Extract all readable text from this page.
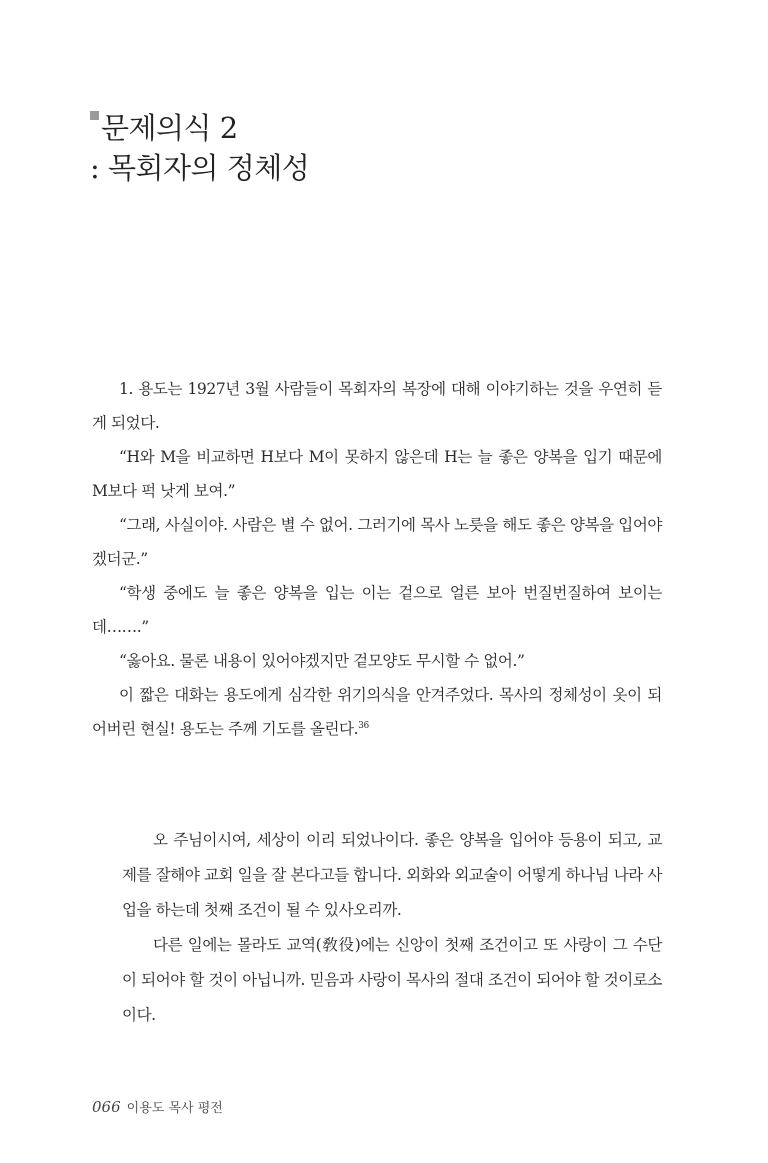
문제의식 2
: 목회자의 정체성

1. 용도는 1927년 3월 사람들이 목회자의 복장에 대해 이야기하는 것을 우연히 듣게 되었다.

“H와 M을 비교하면 H보다 M이 못하지 않은데 H는 늘 좋은 양복을 입기 때문에 M보다 퍽 낫게 보여.”

“그래, 사실이야. 사람은 별 수 없어. 그러기에 목사 노릇을 해도 좋은 양복을 입어야겠더군.”

“학생 중에도 늘 좋은 양복을 입는 이는 겉으로 얼른 보아 번질번질하여 보이는데…….”

“옳아요. 물론 내용이 있어야겠지만 겉모양도 무시할 수 없어.”

이 짧은 대화는 용도에게 심각한 위기의식을 안겨주었다. 목사의 정체성이 옷이 되어버린 현실! 용도는 주께 기도를 올린다.$^{36}$

오 주님이시여, 세상이 이리 되었나이다. 좋은 양복을 입어야 등용이 되고, 교제를 잘해야 교회 일을 잘 본다고들 합니다. 외화와 외교술이 어떻게 하나님 나라 사업을 하는데 첫째 조건이 될 수 있사오리까.

다른 일에는 몰라도 교역(敎役)에는 신앙이 첫째 조건이고 또 사랑이 그 수단이 되어야 할 것이 아닙니까. 믿음과 사랑이 목사의 절대 조건이 되어야 할 것이로소이다.

066 이용도 목사 평전
